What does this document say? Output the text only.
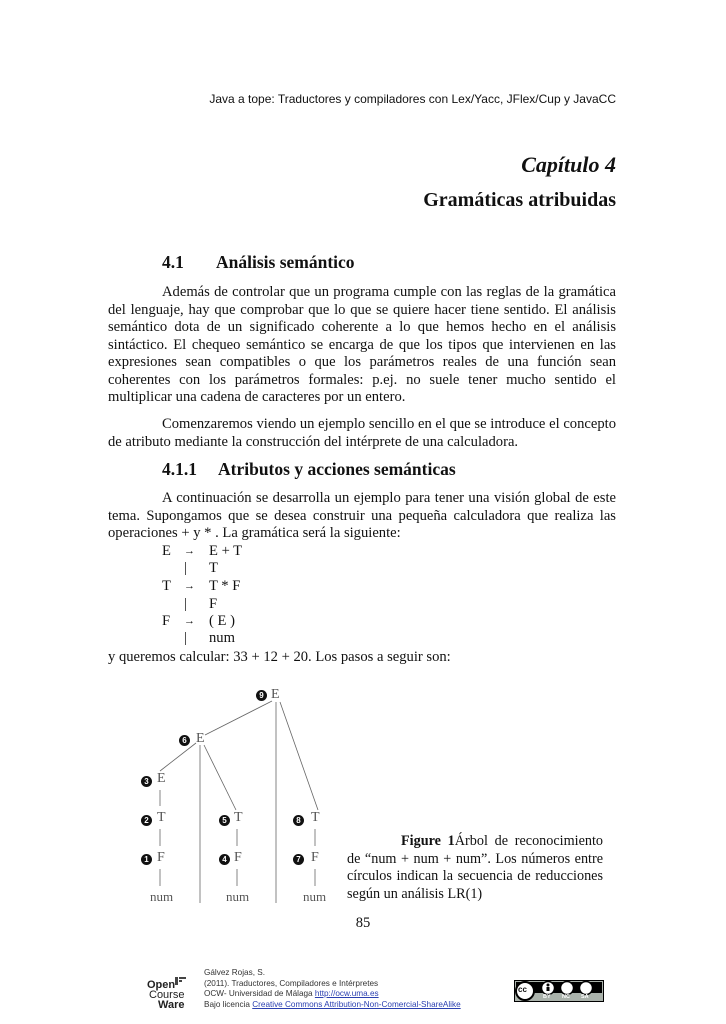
Java a tope: Traductores y compiladores con Lex/Yacc, JFlex/Cup y JavaCC
Capítulo 4
Gramáticas atribuidas
4.1 Análisis semántico

Además de controlar que un programa cumple con las reglas de la gramática del lenguaje, hay que comprobar que lo que se quiere hacer tiene sentido. El análisis semántico dota de un significado coherente a lo que hemos hecho en el análisis sintáctico. El chequeo semántico se encarga de que los tipos que intervienen en las expresiones sean compatibles o que los parámetros reales de una función sean coherentes con los parámetros formales: p.ej. no suele tener mucho sentido el multiplicar una cadena de caracteres por un entero.

Comenzaremos viendo un ejemplo sencillo en el que se introduce el concepto de atributo mediante la construcción del intérprete de una calculadora.

4.1.1 Atributos y acciones semánticas

A continuación se desarrolla un ejemplo para tener una visión global de este tema. Supongamos que se desea construir una pequeña calculadora que realiza las operaciones + y * . La gramática será la siguiente:

E → E + T
| T
T → T * F
| F
F → ( E )
| num
y queremos calcular: 33 + 12 + 20. Los pasos a seguir son:
9 E
6 E
3 E
2 T
1 F
5 T
4 F
8 T
7 F
num	num	num
Figure 1Árbol de reconocimiento de “num + num + num”. Los números entre círculos indican la secuencia de reducciones según un análisis LR(1)
85
Open
Course
Ware
Gálvez Rojas, S.
(2011). Traductores, Compiladores e Intérpretes
OCW- Universidad de Málaga http://ocw.uma.es
Bajo licencia Creative Commons Attribution-Non-Comercial-ShareAlike
cc
BY NC SA
